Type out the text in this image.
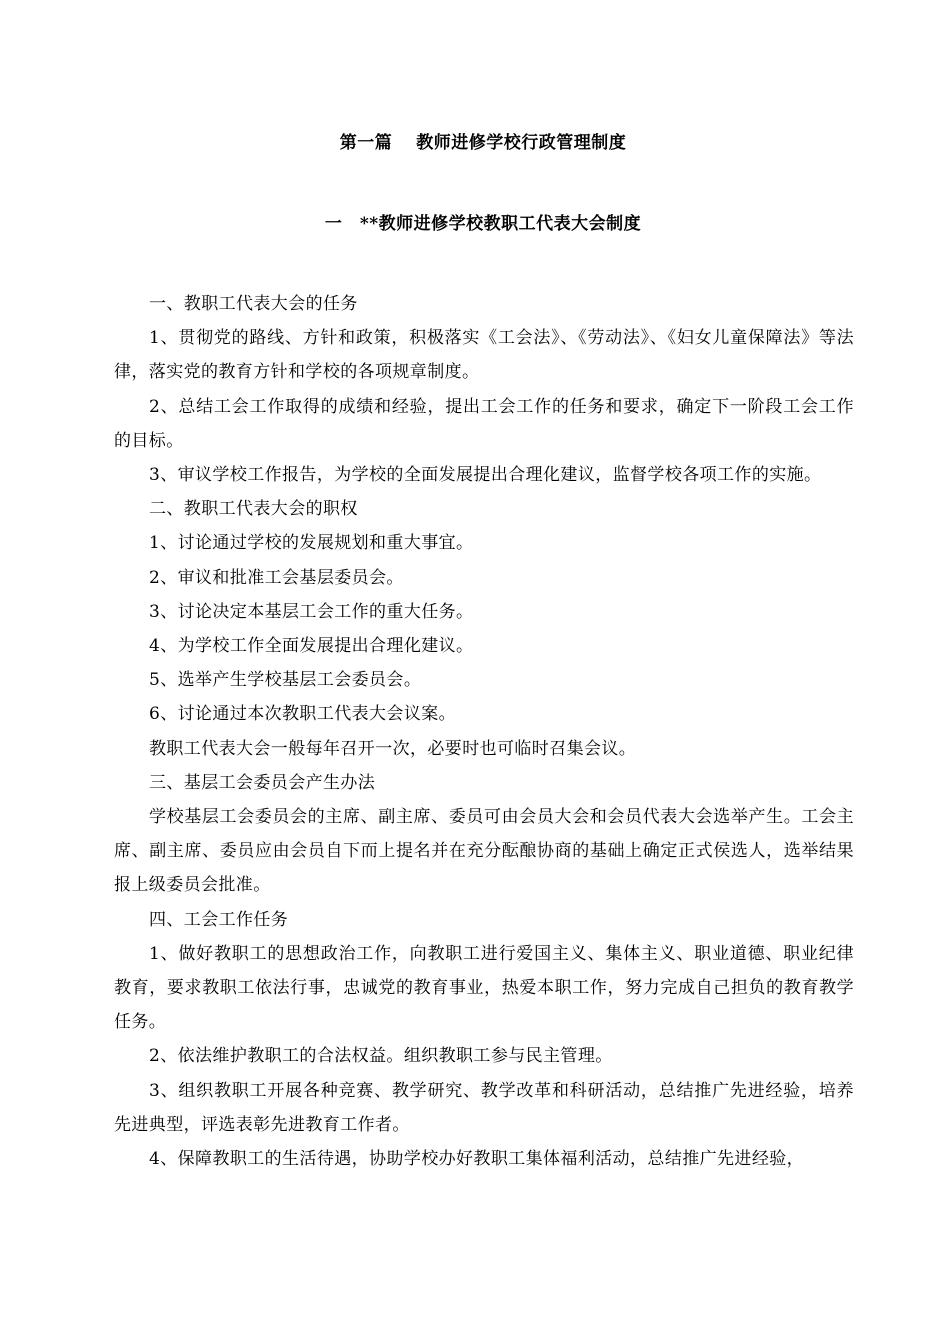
第一篇　 教师进修学校行政管理制度
一　**教师进修学校教职工代表大会制度

一、教职工代表大会的任务

1、贯彻党的路线、方针和政策，积极落实《工会法》、《劳动法》、《妇女儿童保障法》等法律，落实党的教育方针和学校的各项规章制度。

2、总结工会工作取得的成绩和经验，提出工会工作的任务和要求，确定下一阶段工会工作的目标。

3、审议学校工作报告，为学校的全面发展提出合理化建议，监督学校各项工作的实施。

二、教职工代表大会的职权

1、讨论通过学校的发展规划和重大事宜。

2、审议和批准工会基层委员会。

3、讨论决定本基层工会工作的重大任务。

4、为学校工作全面发展提出合理化建议。

5、选举产生学校基层工会委员会。

6、讨论通过本次教职工代表大会议案。

教职工代表大会一般每年召开一次，必要时也可临时召集会议。

三、基层工会委员会产生办法

学校基层工会委员会的主席、副主席、委员可由会员大会和会员代表大会选举产生。工会主席、副主席、委员应由会员自下而上提名并在充分酝酿协商的基础上确定正式侯选人，选举结果报上级委员会批准。

四、工会工作任务

1、做好教职工的思想政治工作，向教职工进行爱国主义、集体主义、职业道德、职业纪律教育，要求教职工依法行事，忠诚党的教育事业，热爱本职工作，努力完成自己担负的教育教学任务。

2、依法维护教职工的合法权益。组织教职工参与民主管理。

3、组织教职工开展各种竞赛、教学研究、教学改革和科研活动，总结推广先进经验，培养先进典型，评选表彰先进教育工作者。

4、保障教职工的生活待遇，协助学校办好教职工集体福利活动，总结推广先进经验，
